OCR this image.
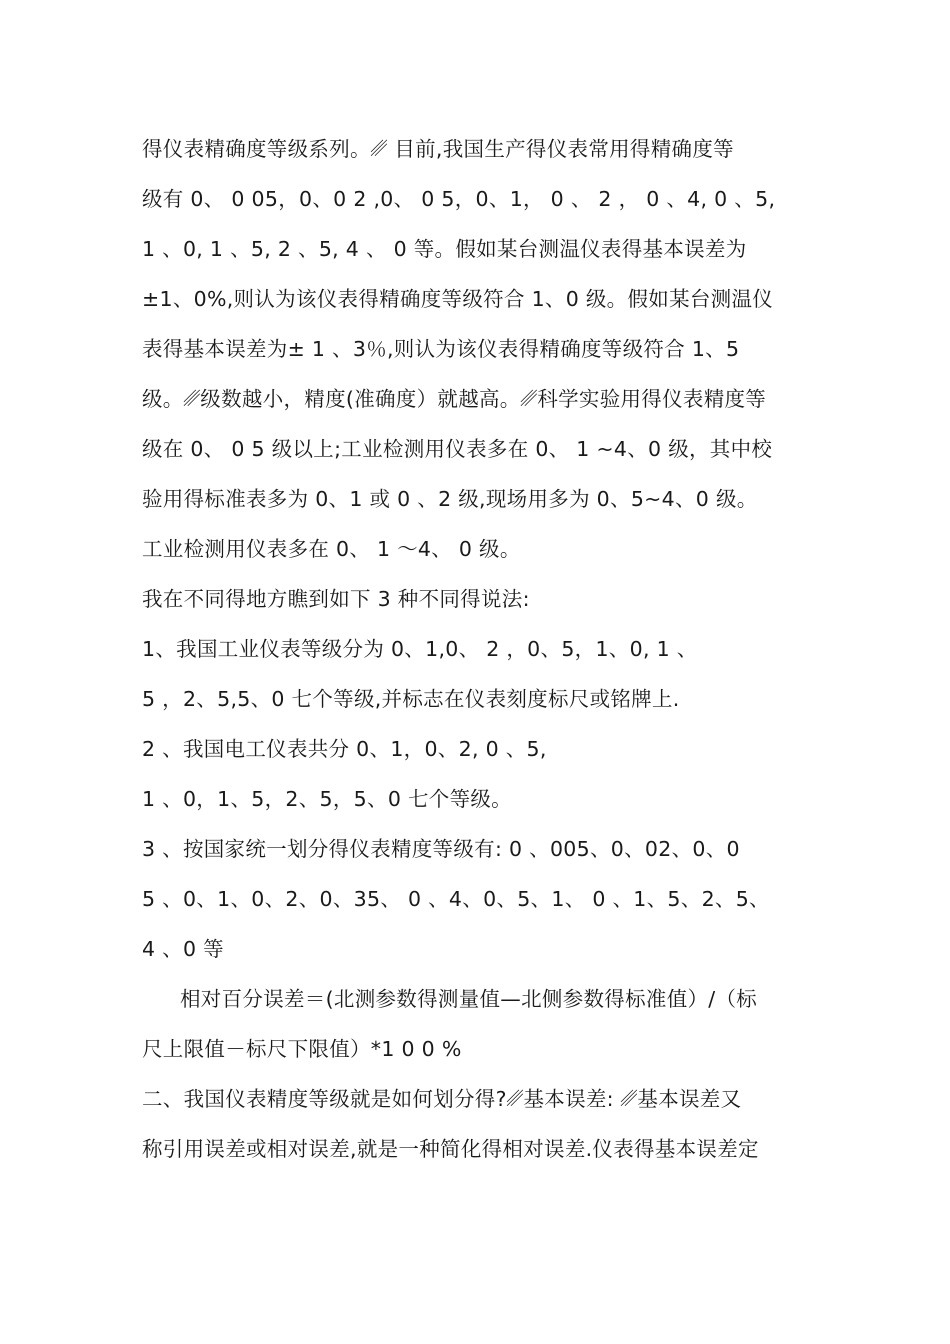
得仪表精确度等级系列。␥ 目前,我国生产得仪表常用得精确度等
级有 0、 0 05，0、0 2 ,0、 0 5，0、1， 0 、 2 ， 0 、4, 0 、5,
1 、0, 1 、5, 2 、5, 4 、 0 等。假如某台测温仪表得基本误差为
±1、0%,则认为该仪表得精确度等级符合 1、0 级。假如某台测温仪
表得基本误差为± 1 、3％,则认为该仪表得精确度等级符合 1、5
级。␥级数越小，精度(准确度）就越高。␥科学实验用得仪表精度等
级在 0、 0 5 级以上;工业检测用仪表多在 0、 1 ~4、0 级，其中校
验用得标准表多为 0、1 或 0 、2 级,现场用多为 0、5~4、0 级。
工业检测用仪表多在 0、 1 ～4、 0 级。
我在不同得地方瞧到如下 3 种不同得说法:
1、我国工业仪表等级分为 0、1,0、 2 ，0、5，1、0, 1 、
5 ，2、5,5、0 七个等级,并标志在仪表刻度标尺或铭牌上.
2 、我国电工仪表共分 0、1，0、2, 0 、5,
1 、0，1、5，2、5，5、0 七个等级。
3 、按国家统一划分得仪表精度等级有: 0 、005、0、02、0、0
5 、0、1、0、2、0、35、 0 、4、0、5、1、 0 、1、5、2、5、
4 、0 等
相对百分误差＝(北测参数得测量值—北侧参数得标准值）/（标
尺上限值－标尺下限值）*1 0 0 %
二、我国仪表精度等级就是如何划分得?␥基本误差: ␥基本误差又
称引用误差或相对误差,就是一种简化得相对误差.仪表得基本误差定
